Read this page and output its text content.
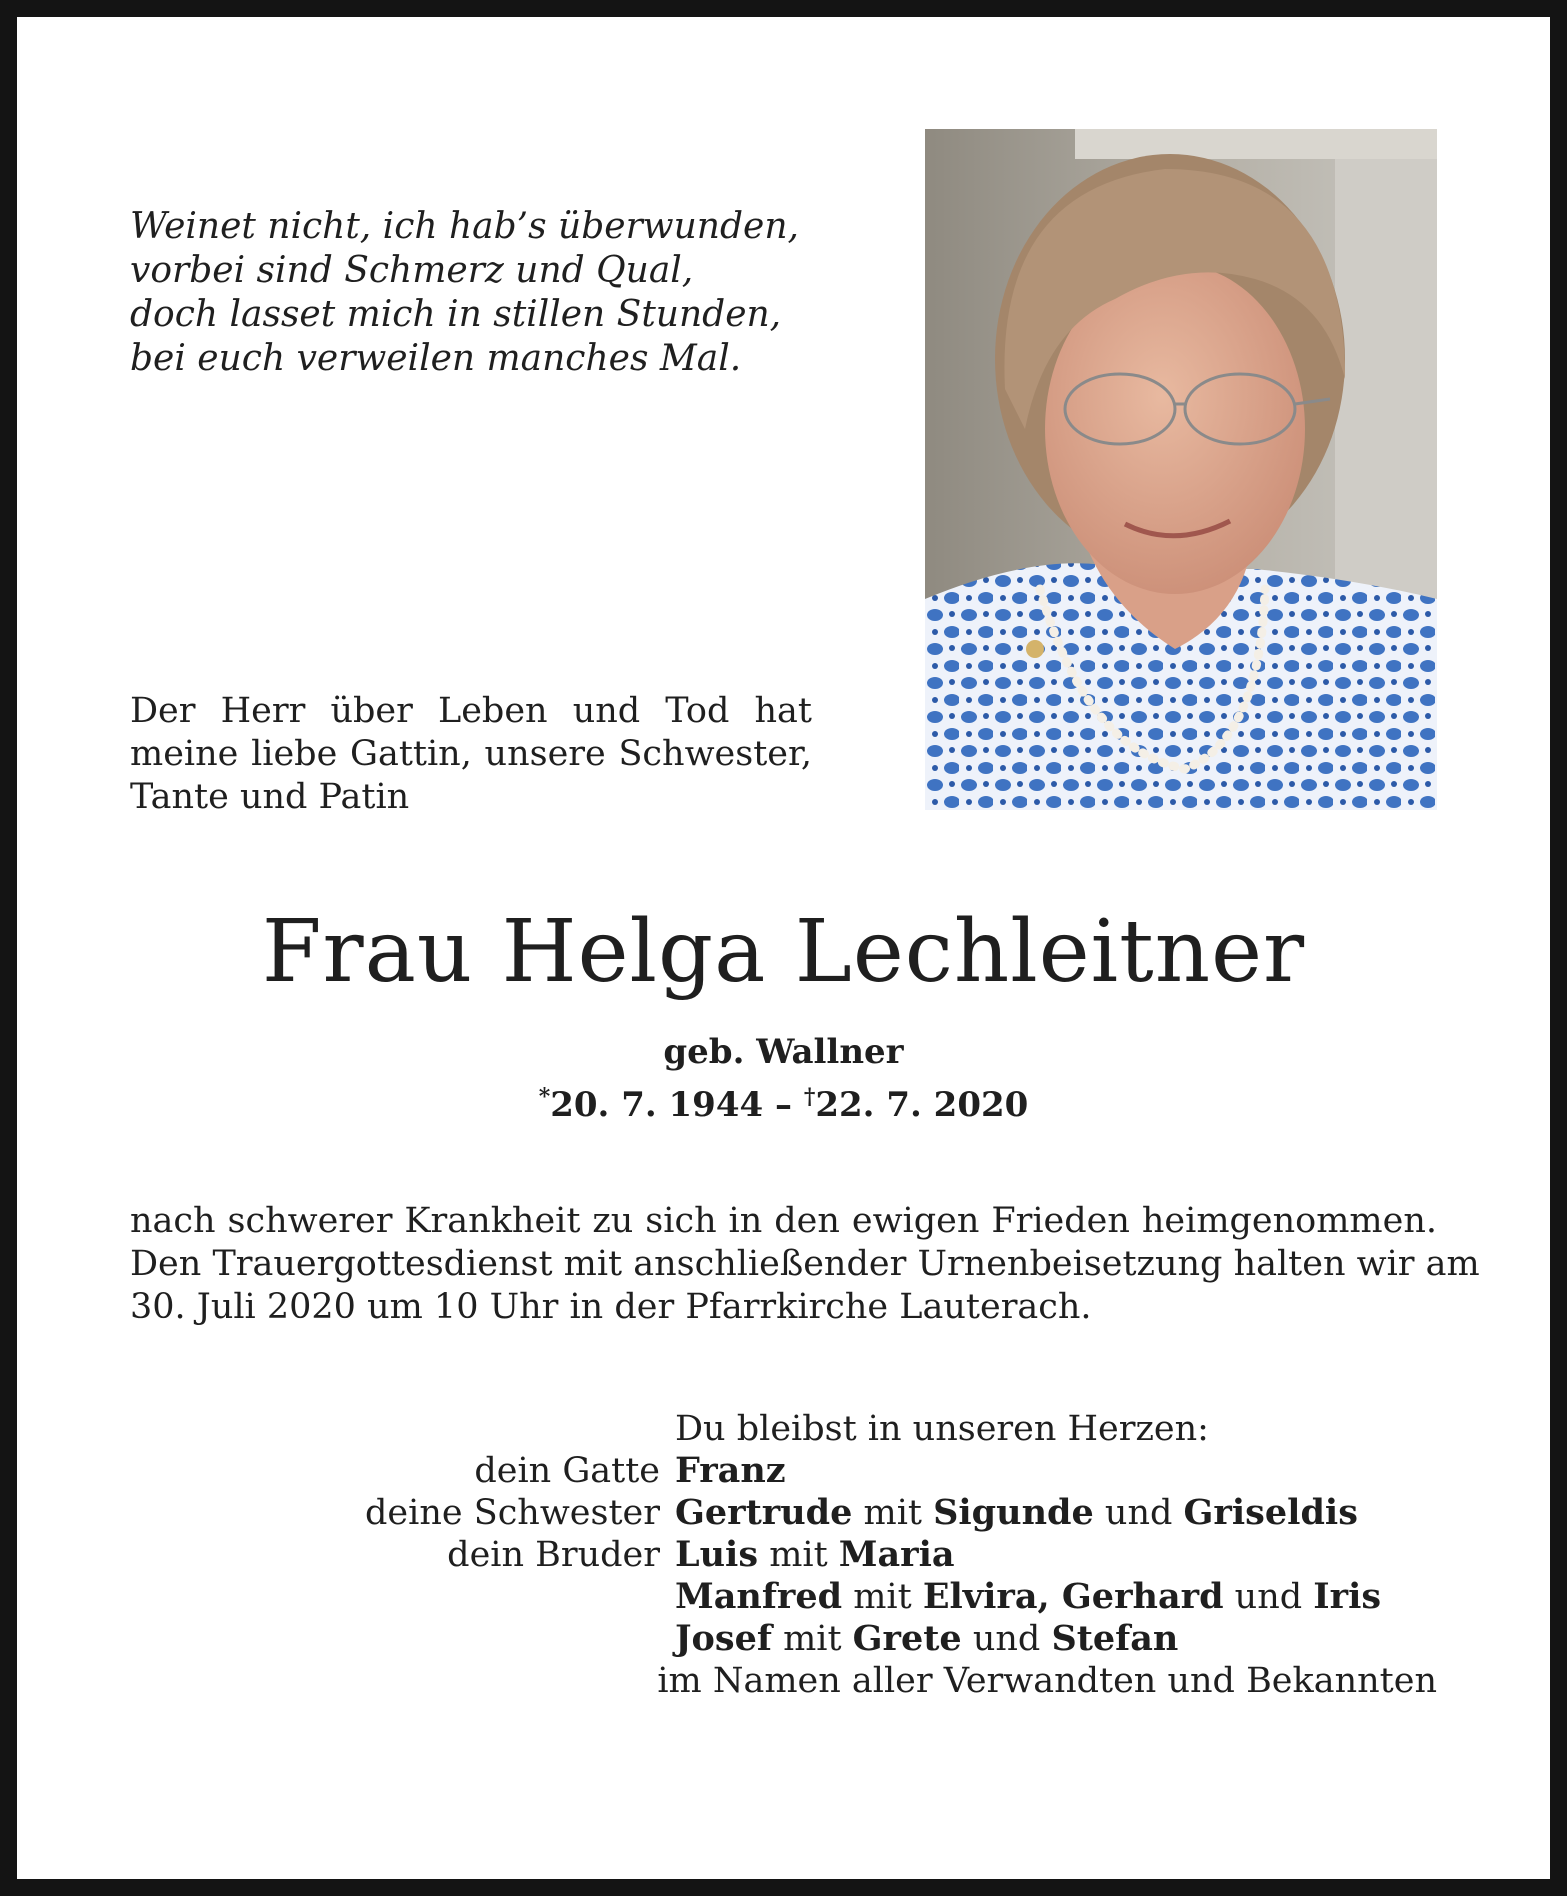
Weinet nicht, ich hab’s überwunden,
vorbei sind Schmerz und Qual,
doch lasset mich in stillen Stunden,
bei euch verweilen manches Mal.
Der Herr über Leben und Tod hat meine liebe Gattin, unsere Schwester, Tante und Patin
Frau Helga Lechleitner
geb. Wallner
*20. 7. 1944 – †22. 7. 2020
nach schwerer Krankheit zu sich in den ewigen Frieden heimgenommen.
Den Trauergottesdienst mit anschließender Urnenbeisetzung halten wir am
30. Juli 2020 um 10 Uhr in der Pfarrkirche Lauterach.
Du bleibst in unseren Herzen:
dein Gatte Franz
deine Schwester Gertrude mit Sigunde und Griseldis
dein Bruder Luis mit Maria
Manfred mit Elvira, Gerhard und Iris
Josef mit Grete und Stefan
im Namen aller Verwandten und Bekannten
